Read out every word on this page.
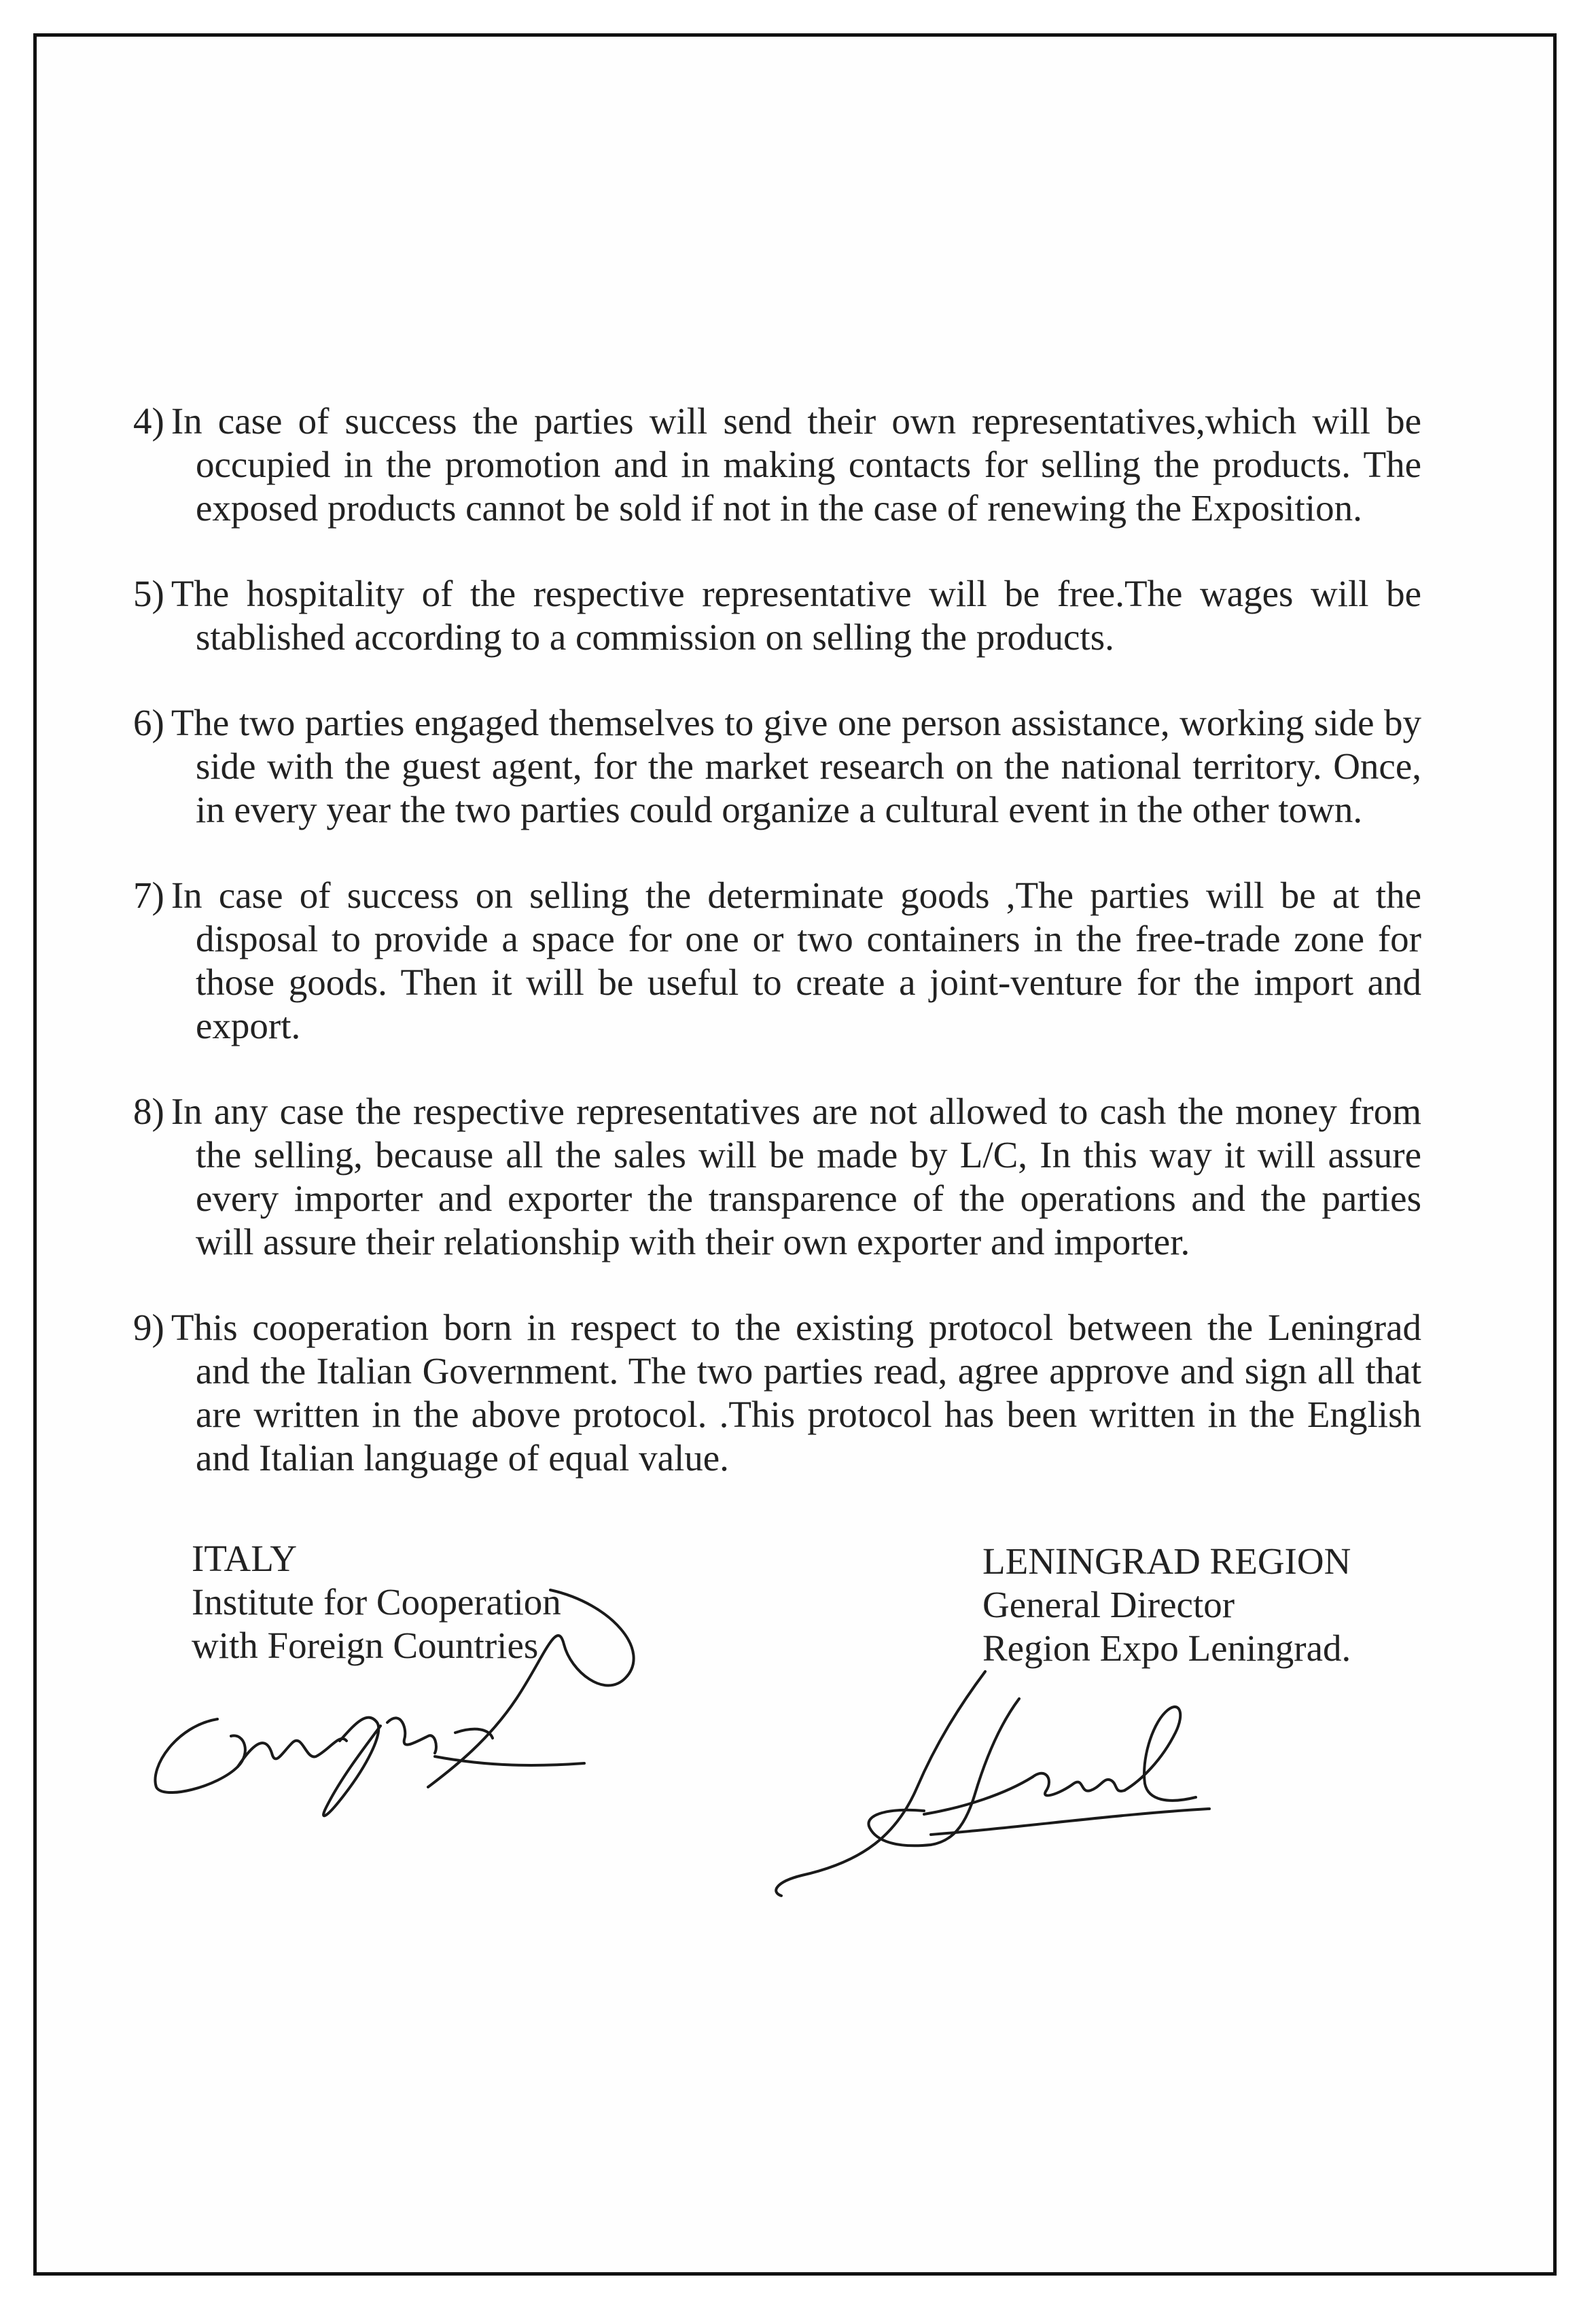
4) In case of success the parties will send their own representatives,which will be occupied in the promotion and in making contacts for selling the products. The exposed products cannot be sold if not in the case of renewing the Exposition.

5) The hospitality of the respective representative will be free.The wages will be stablished according to a commission on selling the products.

6) The two parties engaged themselves to give one person assistance, working side by side with the guest agent, for the market research on the national territory. Once, in every year the two parties could organize a cultural event in the other town.

7) In case of success on selling the determinate goods ,The parties will be at the disposal to provide a space for one or two containers in the free-trade zone for those goods. Then it will be useful to create a joint-venture for the import and export.

8) In any case the respective representatives are not allowed to cash the money from the selling, because all the sales will be made by L/C, In this way it will assure every importer and exporter the transparence of the operations and the parties will assure their relationship with their own exporter and importer.

9) This cooperation born in respect to the existing protocol between the Leningrad and the Italian Government. The two parties read, agree approve and sign all that are written in the above protocol. .This protocol has been written in the English and Italian language of equal value.

ITALY
Institute for Cooperation
with Foreign Countries
LENINGRAD REGION
General Director
Region Expo Leningrad.
